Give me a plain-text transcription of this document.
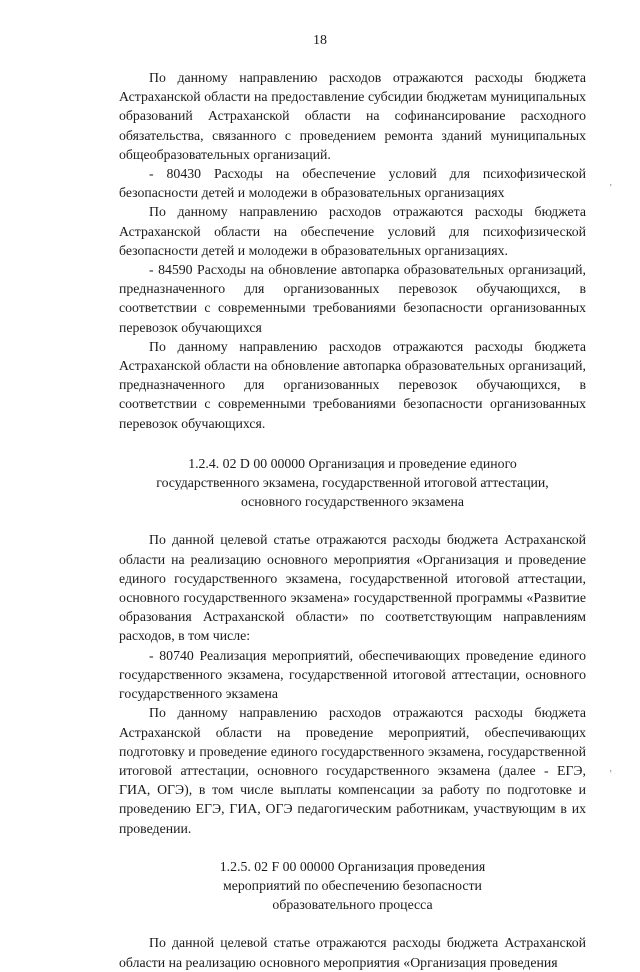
18

По данному направлению расходов отражаются расходы бюджета Астраханской области на предоставление субсидии бюджетам муниципальных образований Астраханской области на софинансирование расходного обязательства, связанного с проведением ремонта зданий муниципальных общеобразовательных организаций.

- 80430 Расходы на обеспечение условий для психофизической безопасности детей и молодежи в образовательных организациях

По данному направлению расходов отражаются расходы бюджета Астраханской области на обеспечение условий для психофизической безопасности детей и молодежи в образовательных организациях.

- 84590 Расходы на обновление автопарка образовательных организаций, предназначенного для организованных перевозок обучающихся, в соответствии с современными требованиями безопасности организованных перевозок обучающихся

По данному направлению расходов отражаются расходы бюджета Астраханской области на обновление автопарка образовательных организаций, предназначенного для организованных перевозок обучающихся, в соответствии с современными требованиями безопасности организованных перевозок обучающихся.

1.2.4. 02 D 00 00000 Организация и проведение единого государственного экзамена, государственной итоговой аттестации, основного государственного экзамена

По данной целевой статье отражаются расходы бюджета Астраханской области на реализацию основного мероприятия «Организация и проведение единого государственного экзамена, государственной итоговой аттестации, основного государственного экзамена» государственной программы «Развитие образования Астраханской области» по соответствующим направлениям расходов, в том числе:

- 80740 Реализация мероприятий, обеспечивающих проведение единого государственного экзамена, государственной итоговой аттестации, основного государственного экзамена

По данному направлению расходов отражаются расходы бюджета Астраханской области на проведение мероприятий, обеспечивающих подготовку и проведение единого государственного экзамена, государственной итоговой аттестации, основного государственного экзамена (далее - ЕГЭ, ГИА, ОГЭ), в том числе выплаты компенсации за работу по подготовке и проведению ЕГЭ, ГИА, ОГЭ педагогическим работникам, участвующим в их проведении.

1.2.5. 02 F 00 00000 Организация проведения мероприятий по обеспечению безопасности образовательного процесса

По данной целевой статье отражаются расходы бюджета Астраханской области на реализацию основного мероприятия «Организация проведения

,
,
